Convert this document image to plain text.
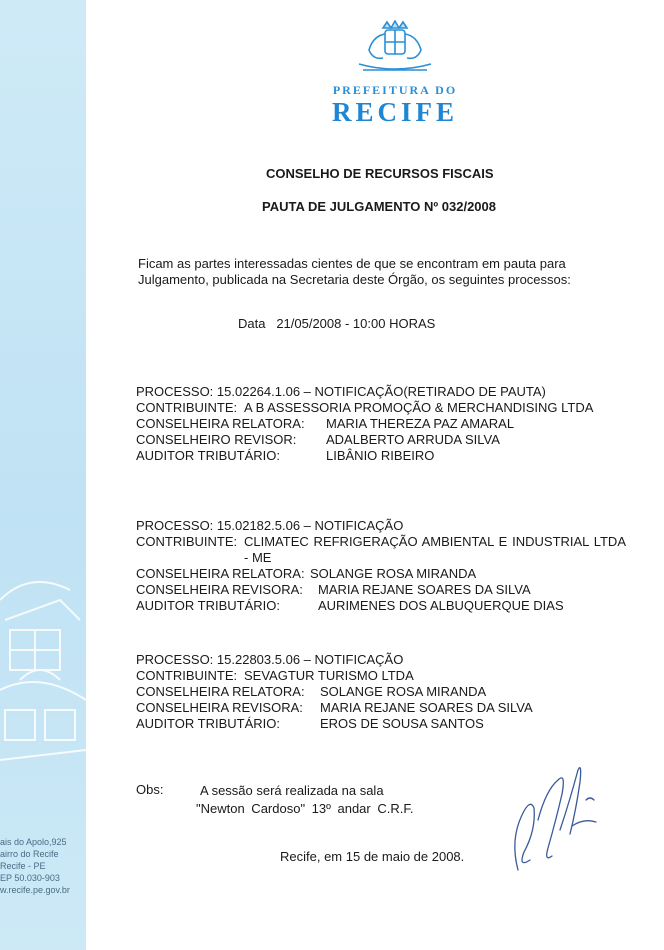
ais do Apolo,925
airro do Recife
Recife - PE
EP 50.030-903
w.recife.pe.gov.br
PREFEITURA DO
RECIFE
CONSELHO DE RECURSOS FISCAIS
PAUTA DE JULGAMENTO Nº 032/2008
Ficam as partes interessadas cientes de que se encontram em pauta para Julgamento, publicada na Secretaria deste Órgão, os seguintes processos:
Data 21/05/2008 - 10:00 HORAS
PROCESSO: 15.02264.1.06 – NOTIFICAÇÃO(RETIRADO DE PAUTA)
CONTRIBUINTE: A B ASSESSORIA PROMOÇÃO & MERCHANDISING LTDA
CONSELHEIRA RELATORA: MARIA THEREZA PAZ AMARAL
CONSELHEIRO REVISOR: ADALBERTO ARRUDA SILVA
AUDITOR TRIBUTÁRIO:	LIBÂNIO RIBEIRO
PROCESSO: 15.02182.5.06 – NOTIFICAÇÃO
CONTRIBUINTE: CLIMATEC REFRIGERAÇÃO AMBIENTAL E INDUSTRIAL LTDA - ME
CONSELHEIRA RELATORA: SOLANGE ROSA MIRANDA
CONSELHEIRA REVISORA: MARIA REJANE SOARES DA SILVA
AUDITOR TRIBUTÁRIO:	AURIMENES DOS ALBUQUERQUE DIAS
PROCESSO: 15.22803.5.06 – NOTIFICAÇÃO
CONTRIBUINTE: SEVAGTUR TURISMO LTDA
CONSELHEIRA RELATORA: SOLANGE ROSA MIRANDA
CONSELHEIRA REVISORA: MARIA REJANE SOARES DA SILVA
AUDITOR TRIBUTÁRIO:	EROS DE SOUSA SANTOS
Obs:	A sessão será realizada na sala
"Newton Cardoso" 13º andar C.R.F.
Recife, em 15 de maio de 2008.
